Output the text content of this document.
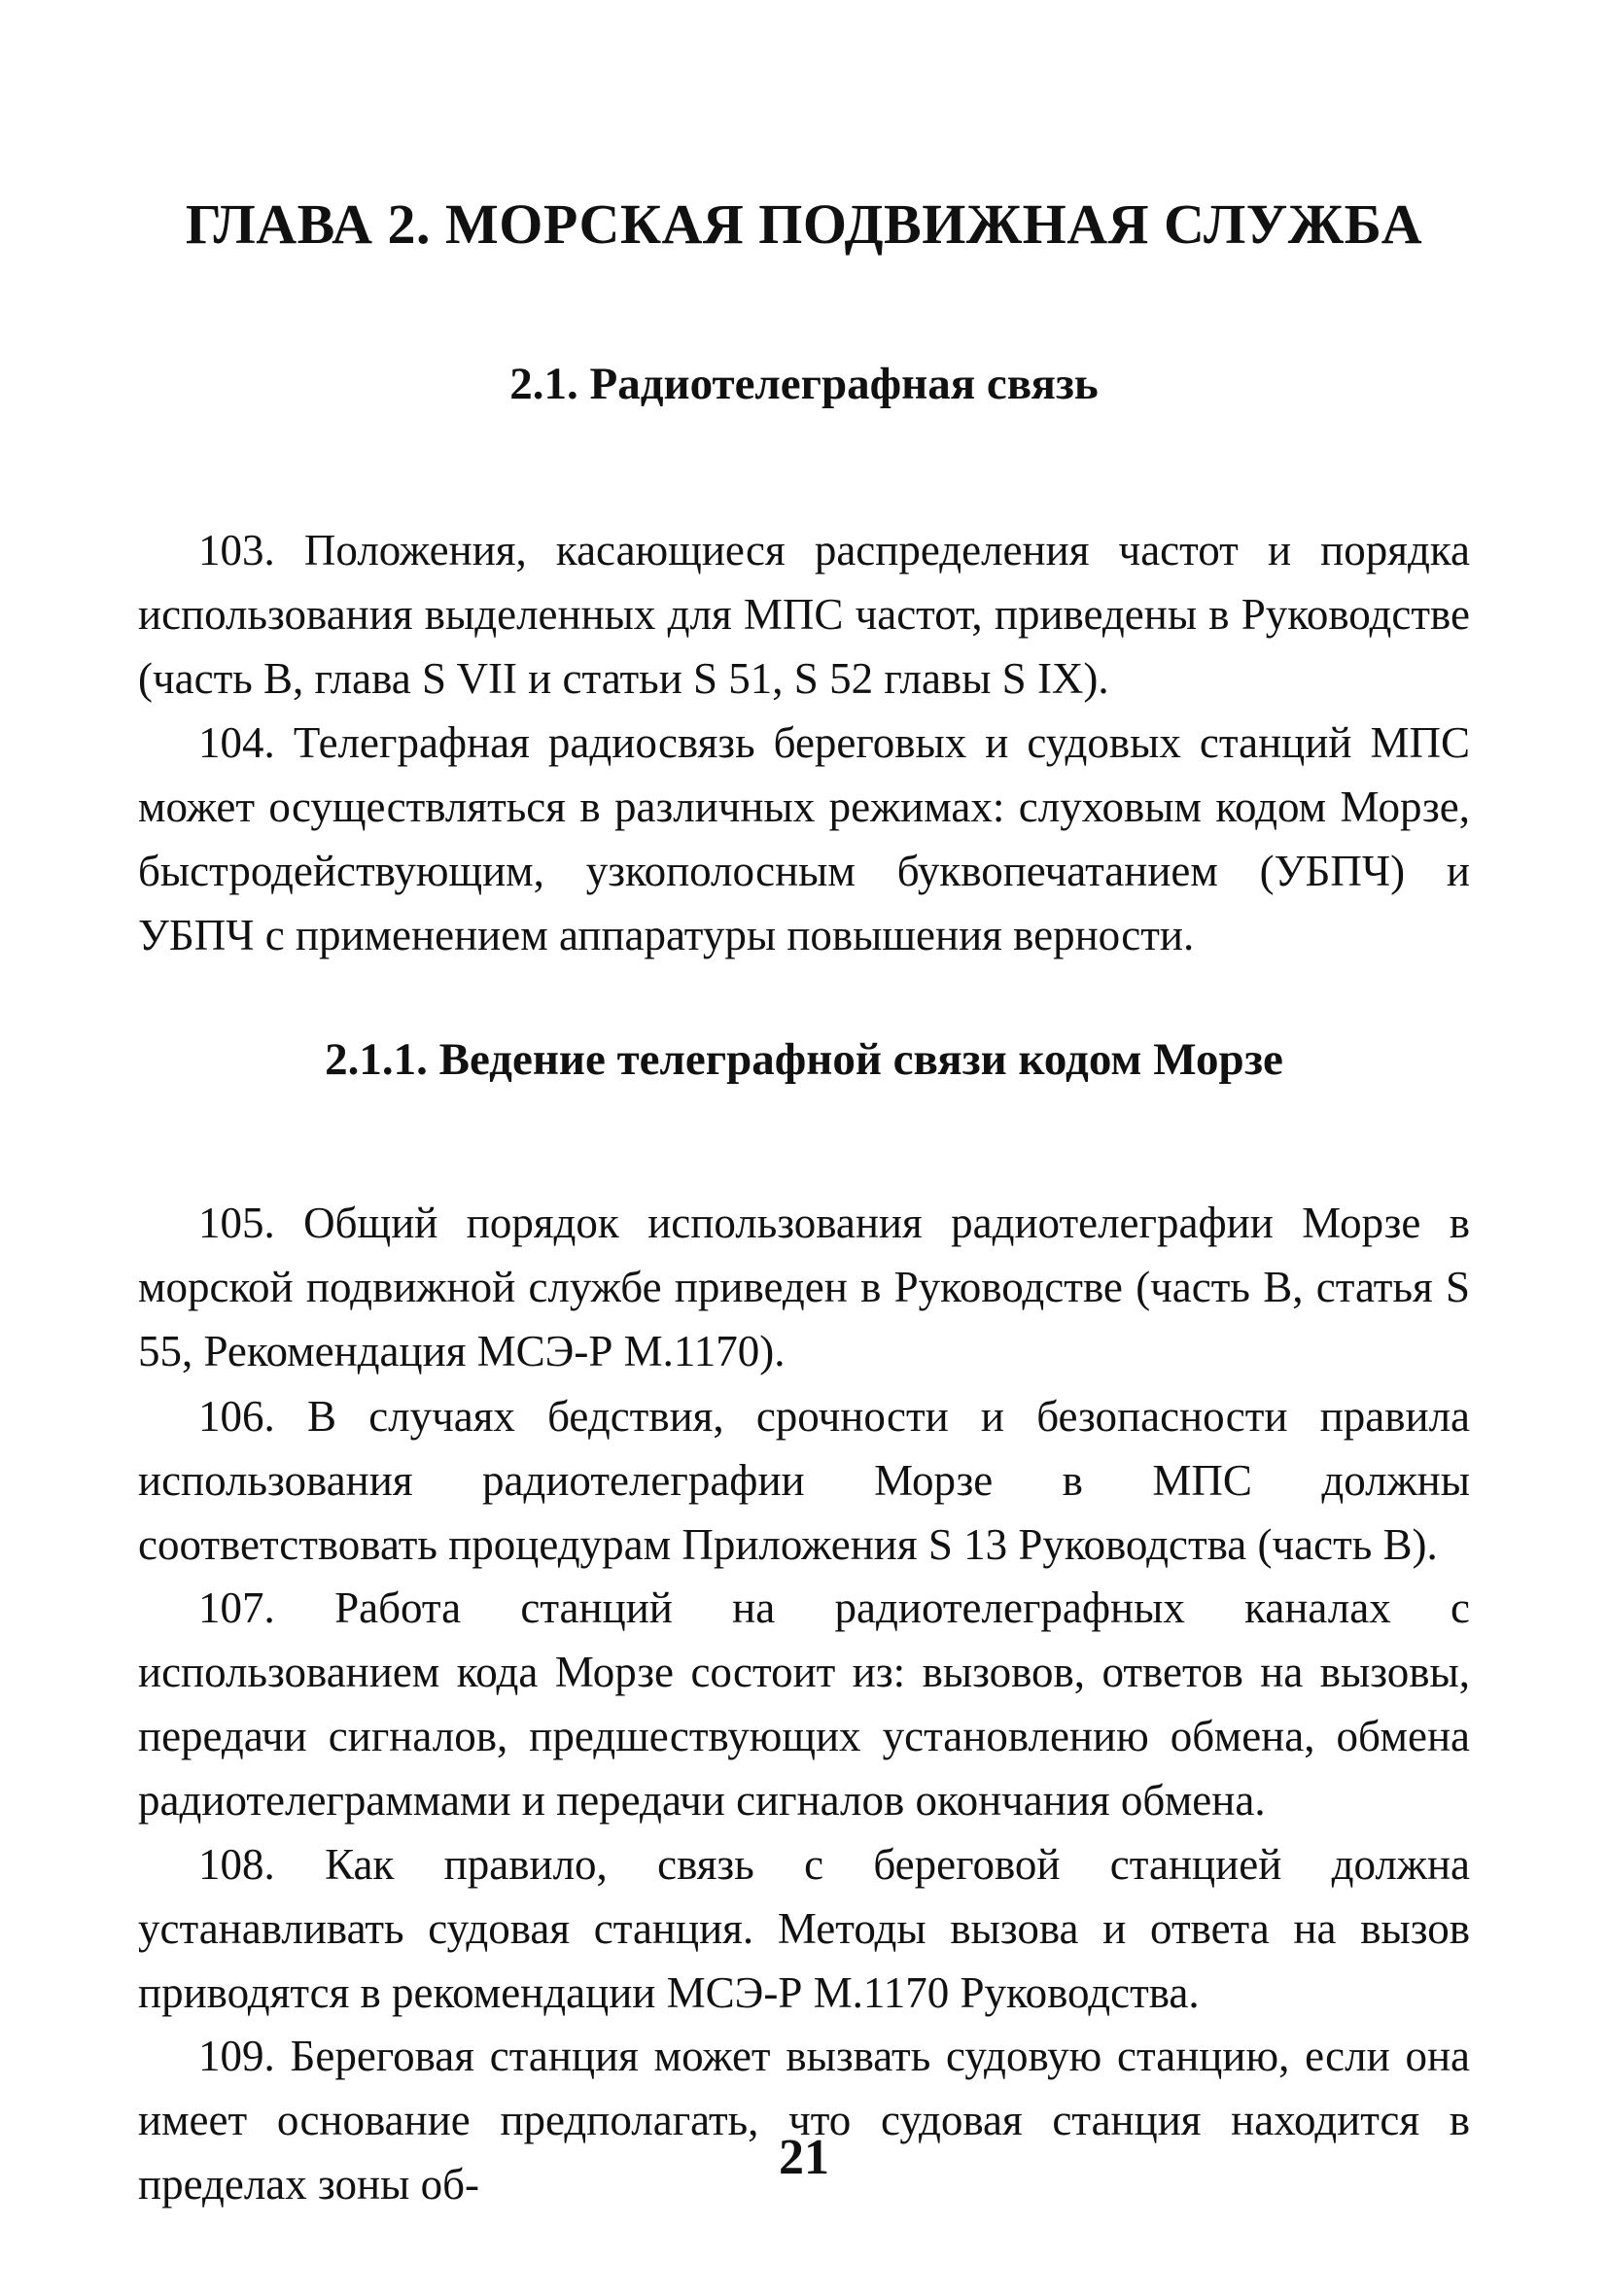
ГЛАВА 2. МОРСКАЯ ПОДВИЖНАЯ СЛУЖБА
2.1. Радиотелеграфная связь

103. Положения, касающиеся распределения частот и порядка использования выделенных для МПС частот, приведены в Руководстве (часть В, глава S VII и статьи S 51, S 52 главы S IX).

104. Телеграфная радиосвязь береговых и судовых станций МПС может осуществляться в различных режимах: слуховым кодом Морзе, быстродействующим, узкополосным буквопечатанием (УБПЧ) и УБПЧ с применением аппаратуры повышения верности.

2.1.1. Ведение телеграфной связи кодом Морзе

105. Общий порядок использования радиотелеграфии Морзе в морской подвижной службе приведен в Руководстве (часть В, статья S 55, Рекомендация МСЭ-Р М.1170).

106. В случаях бедствия, срочности и безопасности правила использования радиотелеграфии Морзе в МПС должны соответствовать процедурам Приложения S 13 Руководства (часть В).

107. Работа станций на радиотелеграфных каналах с использованием кода Морзе состоит из: вызовов, ответов на вызовы, передачи сигналов, предшествующих установлению обмена, обмена радиотелеграммами и передачи сигналов окончания обмена.

108. Как правило, связь с береговой станцией должна устанавливать судовая станция. Методы вызова и ответа на вызов приводятся в рекомендации МСЭ-Р М.1170 Руководства.

109. Береговая станция может вызвать судовую станцию, если она имеет основание предполагать, что судовая станция находится в пределах зоны об-	21
